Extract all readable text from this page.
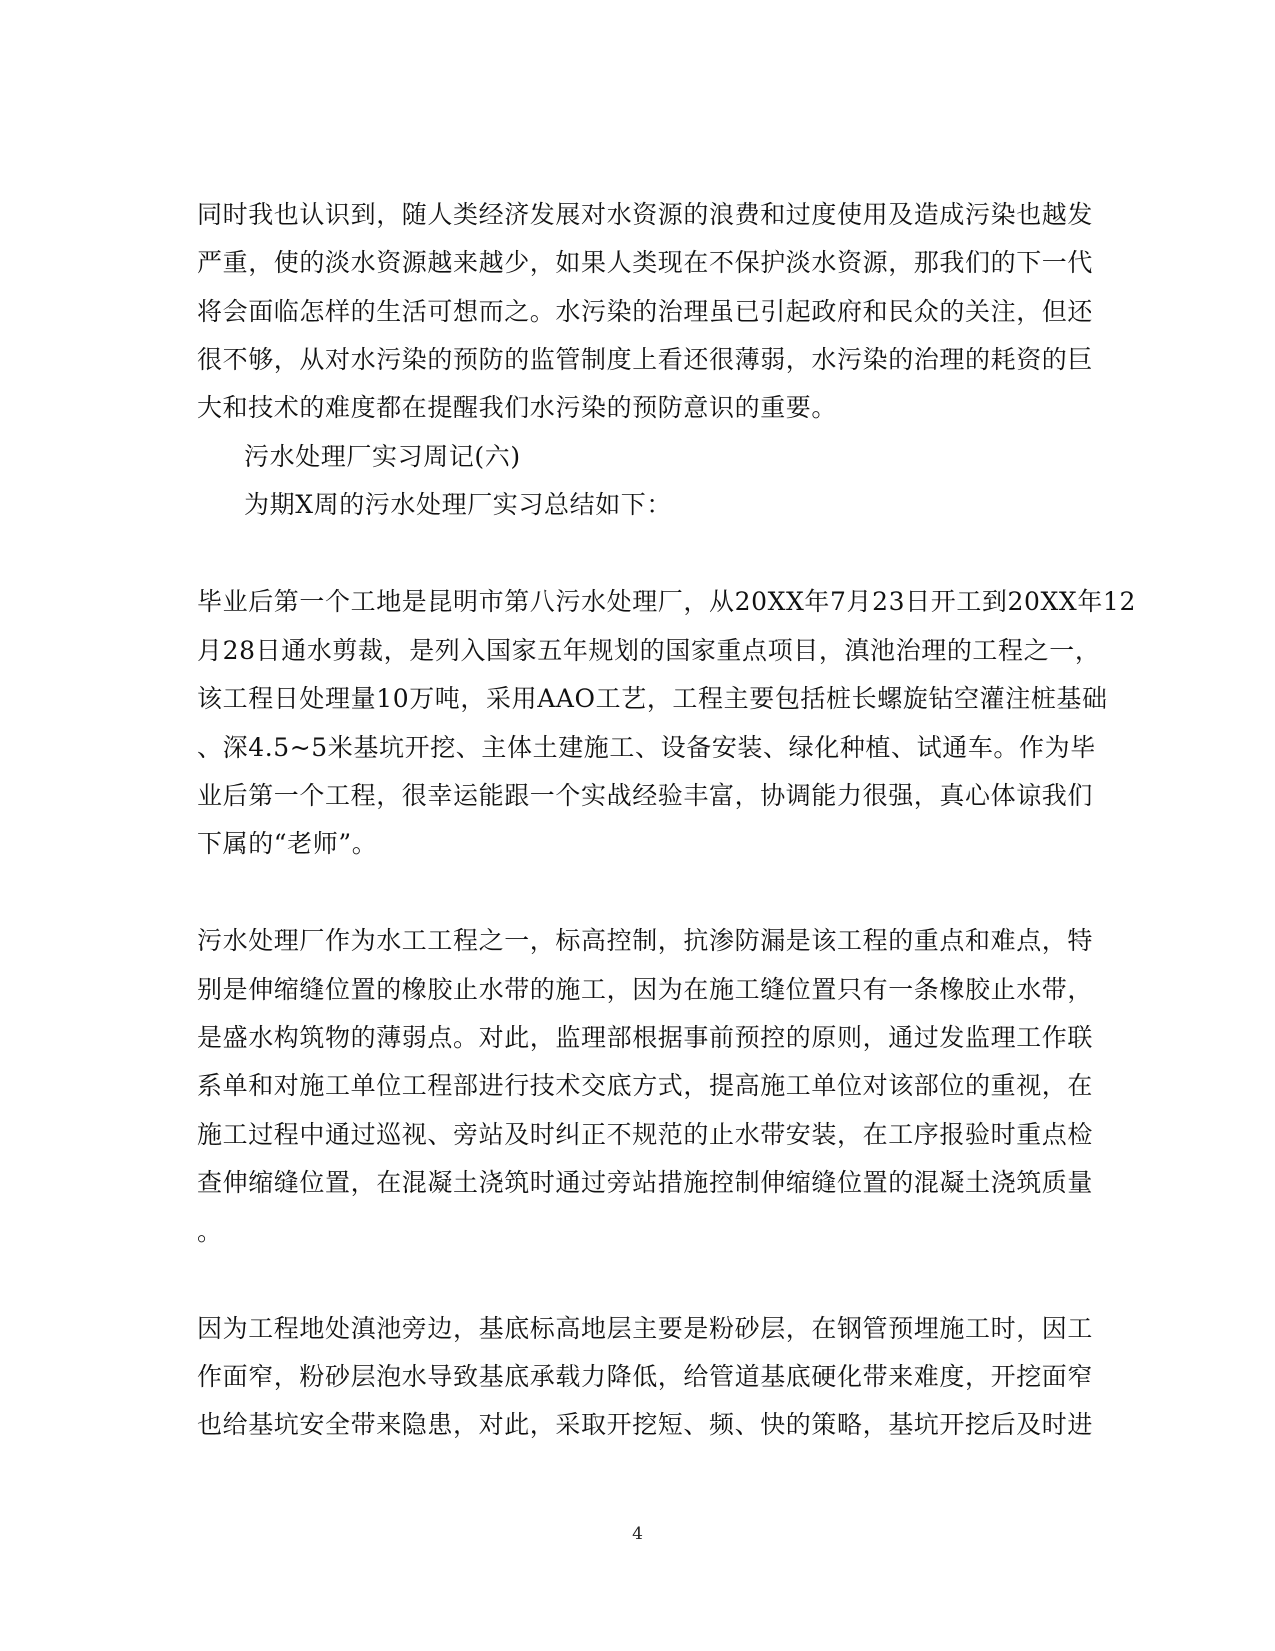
同时我也认识到，随人类经济发展对水资源的浪费和过度使用及造成污染也越发
严重，使的淡水资源越来越少，如果人类现在不保护淡水资源，那我们的下一代
将会面临怎样的生活可想而之。水污染的治理虽已引起政府和民众的关注，但还
很不够，从对水污染的预防的监管制度上看还很薄弱，水污染的治理的耗资的巨
大和技术的难度都在提醒我们水污染的预防意识的重要。
污水处理厂实习周记(六)
为期X周的污水处理厂实习总结如下：
毕业后第一个工地是昆明市第八污水处理厂，从20XX年7月23日开工到20XX年12
月28日通水剪裁，是列入国家五年规划的国家重点项目，滇池治理的工程之一，
该工程日处理量10万吨，采用AAO工艺，工程主要包括桩长螺旋钻空灌注桩基础
、深4.5~5米基坑开挖、主体土建施工、设备安装、绿化种植、试通车。作为毕
业后第一个工程，很幸运能跟一个实战经验丰富，协调能力很强，真心体谅我们
下属的“老师”。
污水处理厂作为水工工程之一，标高控制，抗渗防漏是该工程的重点和难点，特
别是伸缩缝位置的橡胶止水带的施工，因为在施工缝位置只有一条橡胶止水带，
是盛水构筑物的薄弱点。对此，监理部根据事前预控的原则，通过发监理工作联
系单和对施工单位工程部进行技术交底方式，提高施工单位对该部位的重视，在
施工过程中通过巡视、旁站及时纠正不规范的止水带安装，在工序报验时重点检
查伸缩缝位置，在混凝土浇筑时通过旁站措施控制伸缩缝位置的混凝土浇筑质量
。
因为工程地处滇池旁边，基底标高地层主要是粉砂层，在钢管预埋施工时，因工
作面窄，粉砂层泡水导致基底承载力降低，给管道基底硬化带来难度，开挖面窄
也给基坑安全带来隐患，对此，采取开挖短、频、快的策略，基坑开挖后及时进
4
